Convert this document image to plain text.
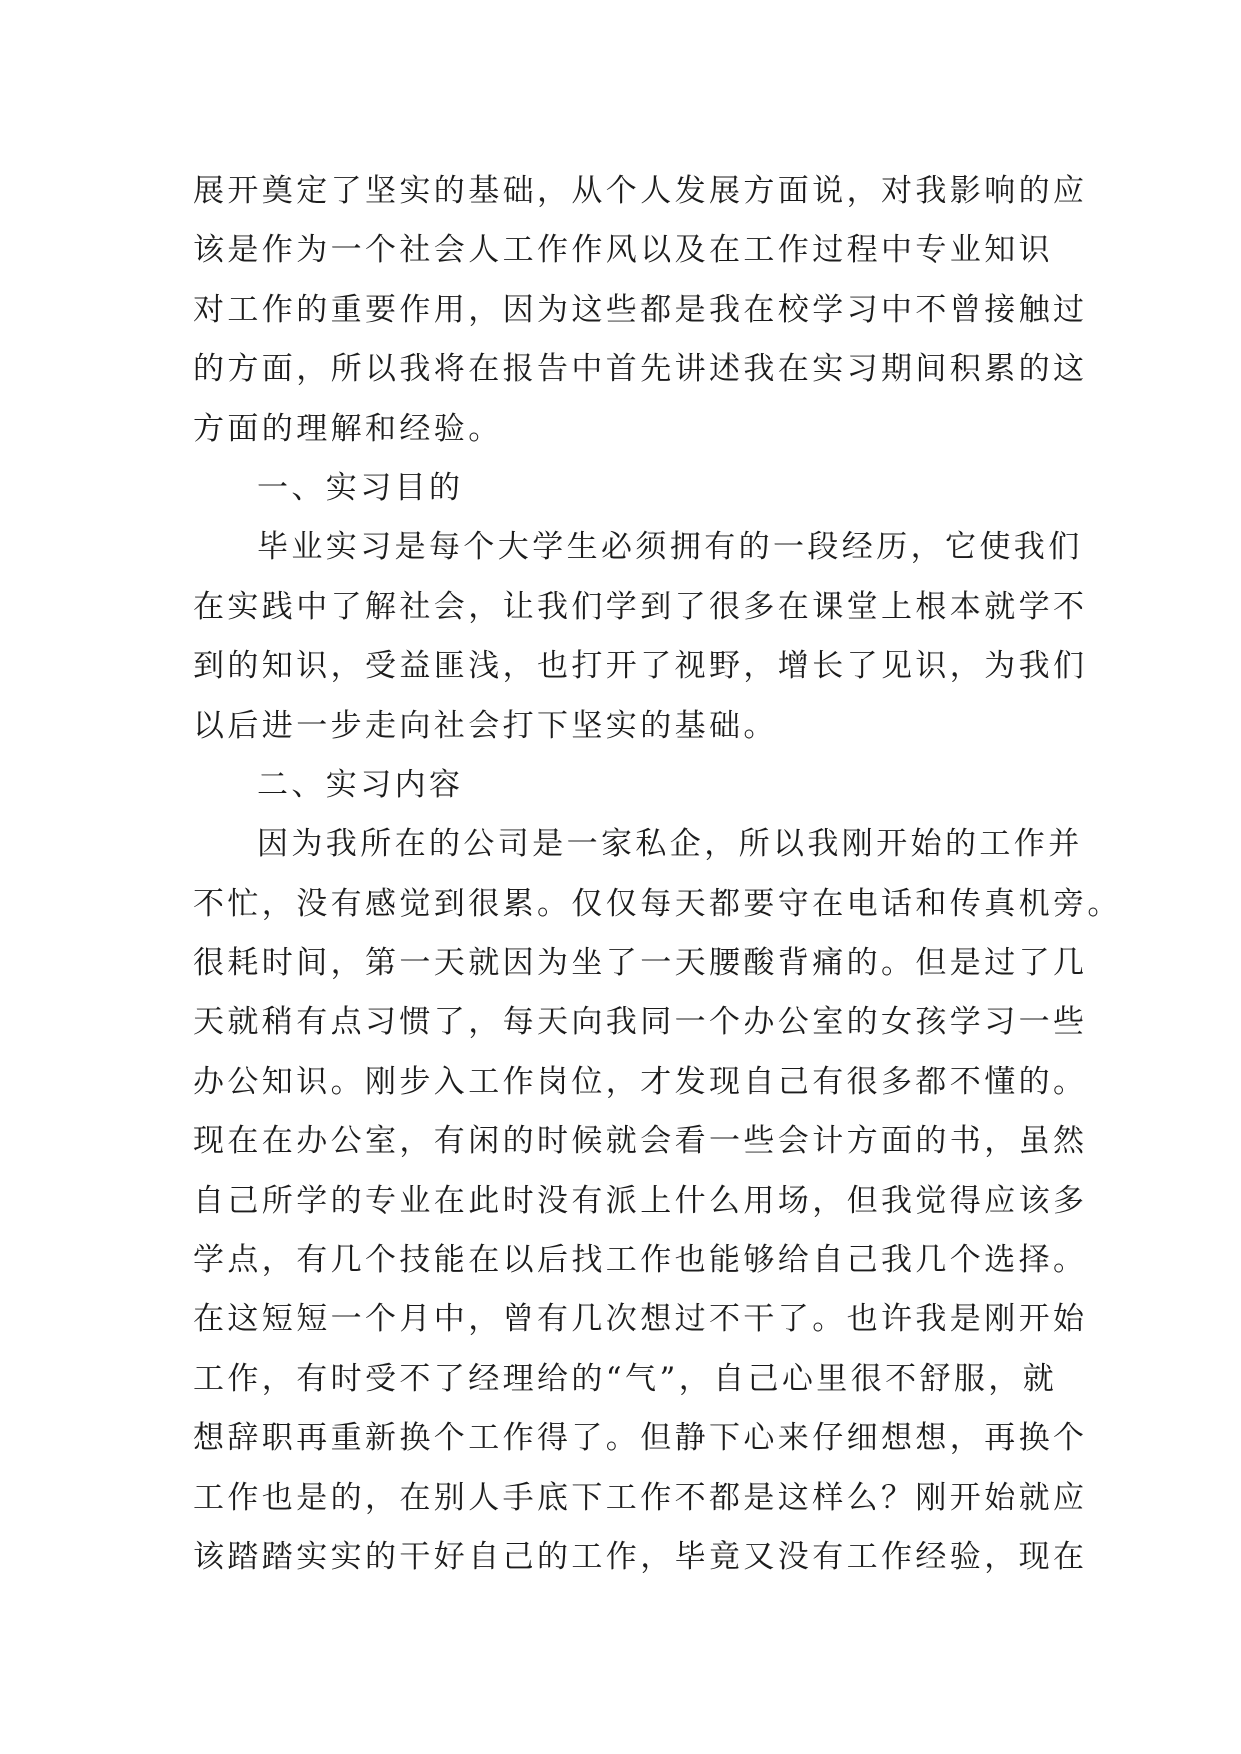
展开奠定了坚实的基础，从个人发展方面说，对我影响的应
该是作为一个社会人工作作风以及在工作过程中专业知识
对工作的重要作用，因为这些都是我在校学习中不曾接触过
的方面，所以我将在报告中首先讲述我在实习期间积累的这
方面的理解和经验。
一、实习目的
毕业实习是每个大学生必须拥有的一段经历，它使我们
在实践中了解社会，让我们学到了很多在课堂上根本就学不
到的知识，受益匪浅，也打开了视野，增长了见识，为我们
以后进一步走向社会打下坚实的基础。
二、实习内容
因为我所在的公司是一家私企，所以我刚开始的工作并
不忙，没有感觉到很累。仅仅每天都要守在电话和传真机旁。
很耗时间，第一天就因为坐了一天腰酸背痛的。但是过了几
天就稍有点习惯了，每天向我同一个办公室的女孩学习一些
办公知识。刚步入工作岗位，才发现自己有很多都不懂的。
现在在办公室，有闲的时候就会看一些会计方面的书，虽然
自己所学的专业在此时没有派上什么用场，但我觉得应该多
学点，有几个技能在以后找工作也能够给自己我几个选择。
在这短短一个月中，曾有几次想过不干了。也许我是刚开始
工作，有时受不了经理给的“气”，自己心里很不舒服，就
想辞职再重新换个工作得了。但静下心来仔细想想，再换个
工作也是的，在别人手底下工作不都是这样么？刚开始就应
该踏踏实实的干好自己的工作，毕竟又没有工作经验，现在
